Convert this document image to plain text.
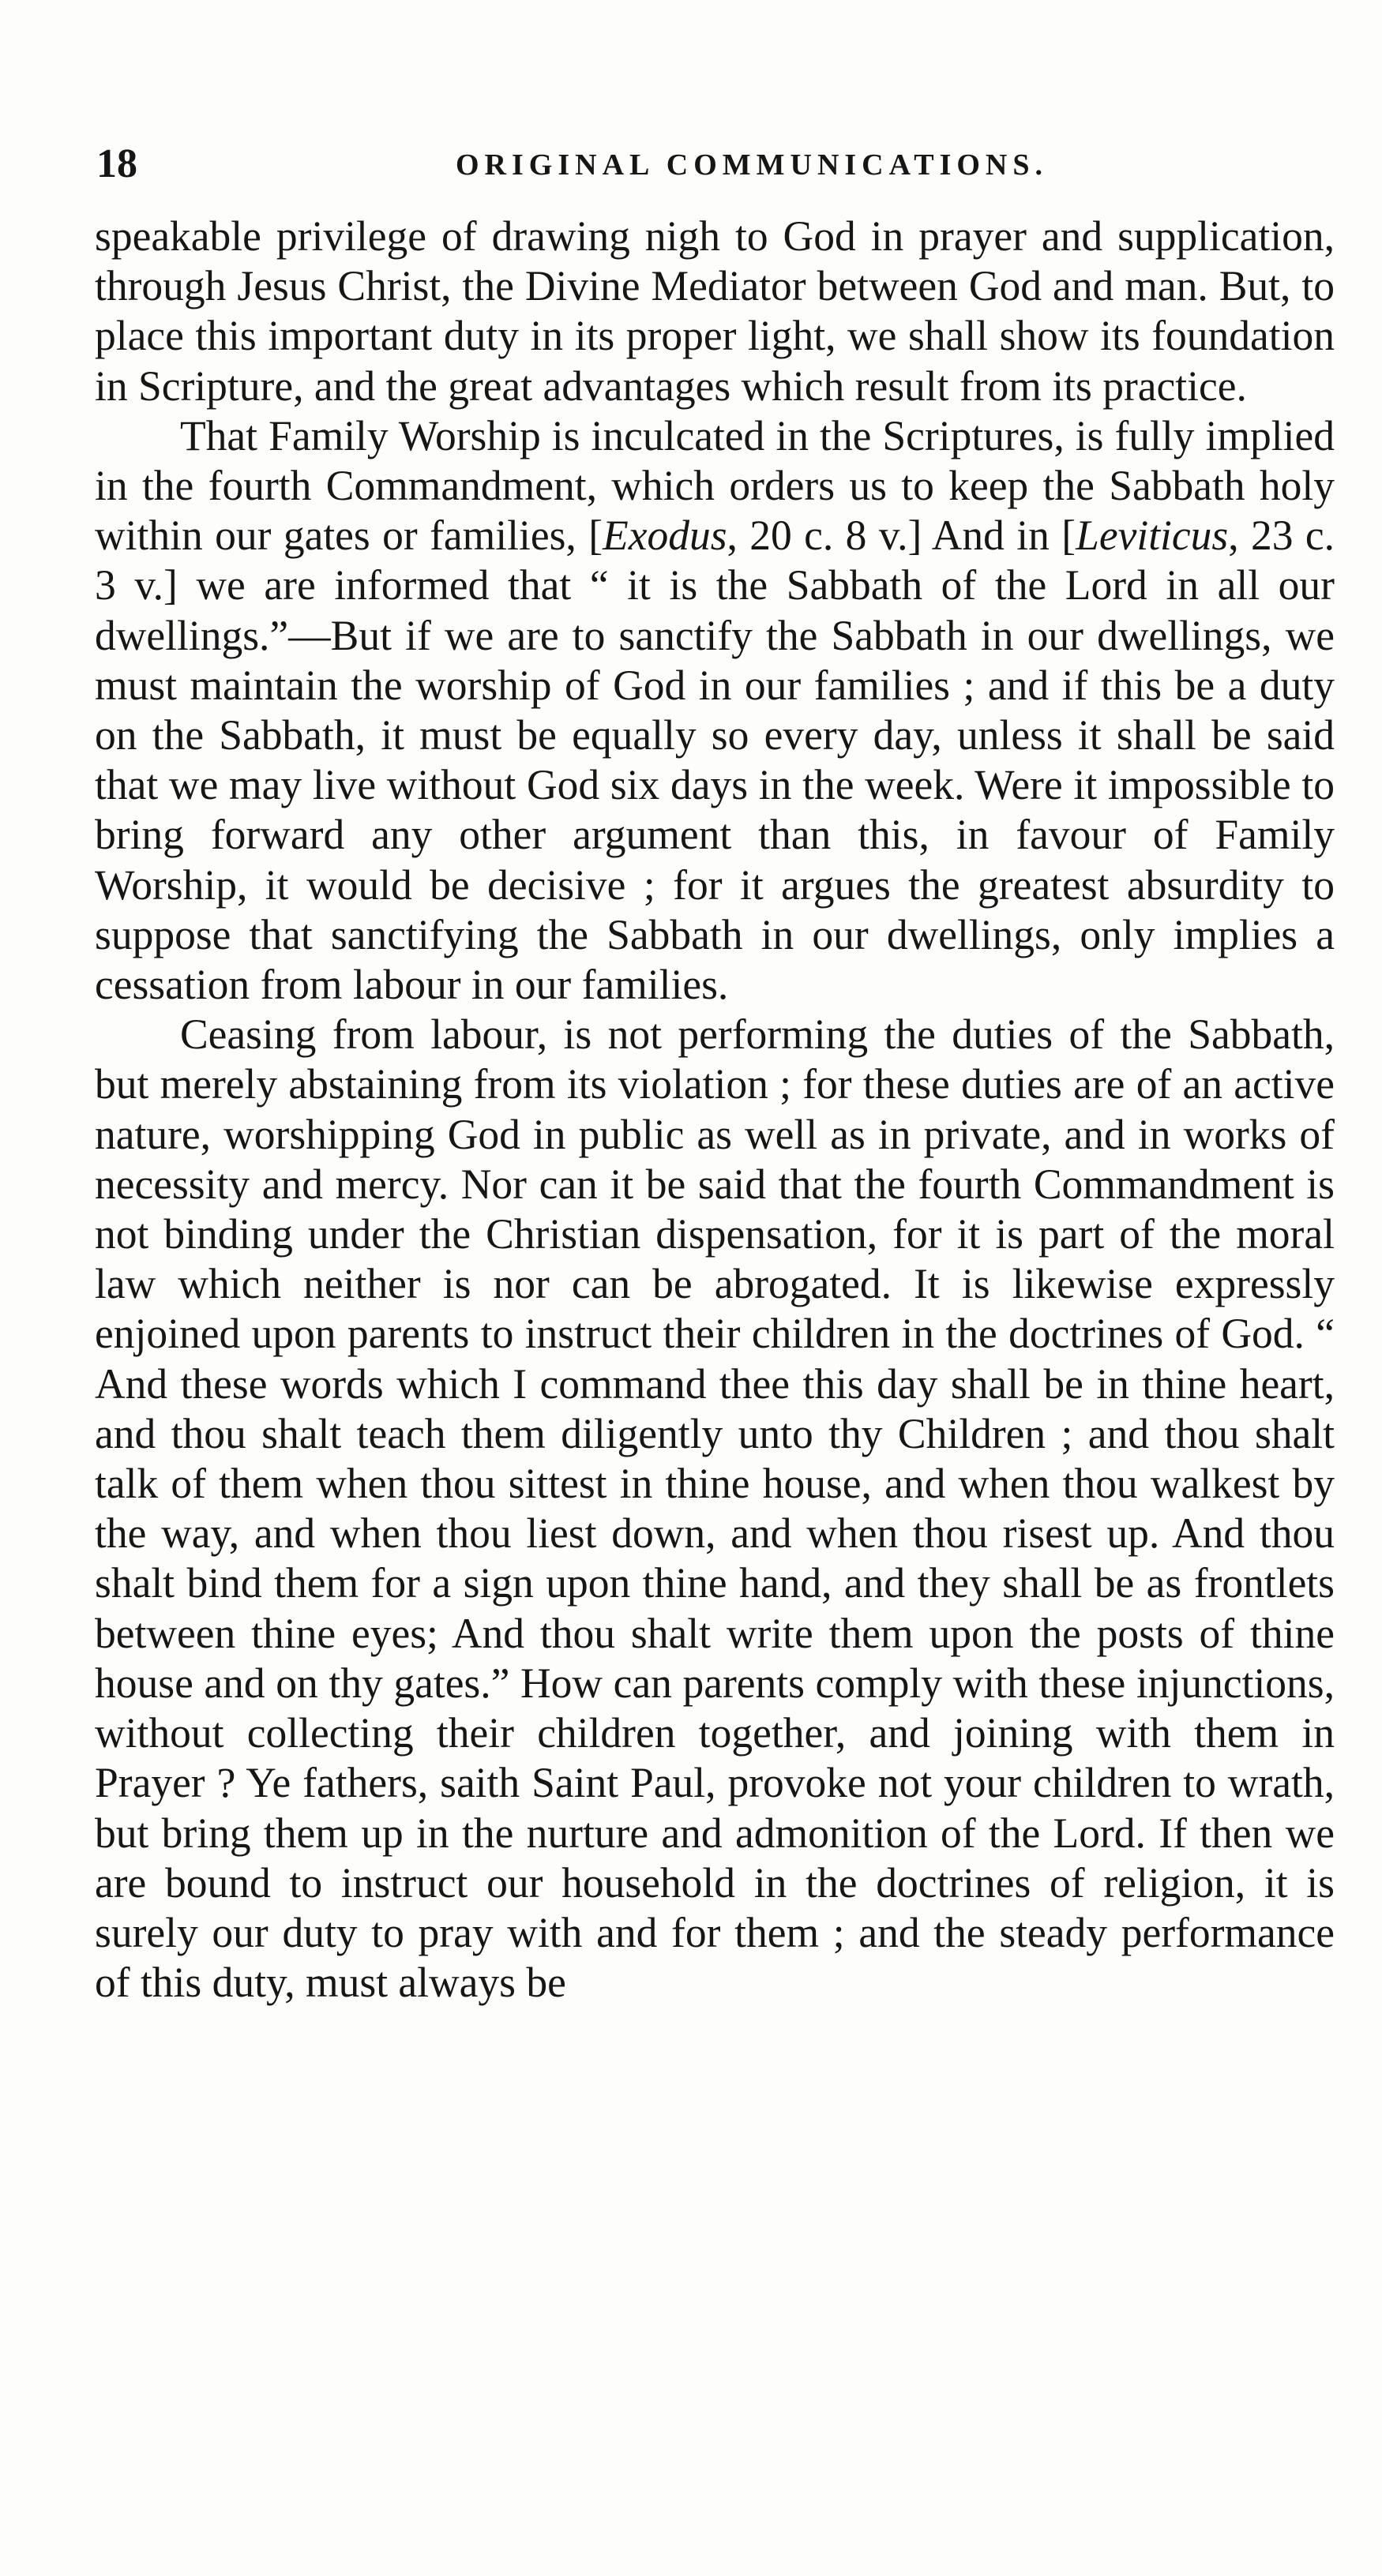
18	ORIGINAL COMMUNICATIONS.

speakable privilege of drawing nigh to God in prayer and supplication, through Jesus Christ, the Divine Mediator between God and man. But, to place this important duty in its proper light, we shall show its foundation in Scripture, and the great advantages which result from its practice.

That Family Worship is inculcated in the Scriptures, is fully implied in the fourth Commandment, which orders us to keep the Sabbath holy within our gates or families, [Exodus, 20 c. 8 v.] And in [Leviticus, 23 c. 3 v.] we are informed that “ it is the Sabbath of the Lord in all our dwellings.”—But if we are to sanctify the Sabbath in our dwellings, we must maintain the worship of God in our families ; and if this be a duty on the Sabbath, it must be equally so every day, unless it shall be said that we may live without God six days in the week. Were it impossible to bring forward any other argument than this, in favour of Family Worship, it would be decisive ; for it argues the greatest absurdity to suppose that sanctifying the Sabbath in our dwellings, only implies a cessation from labour in our families.

Ceasing from labour, is not performing the duties of the Sabbath, but merely abstaining from its violation ; for these duties are of an active nature, worshipping God in public as well as in private, and in works of necessity and mercy. Nor can it be said that the fourth Commandment is not binding under the Christian dispensation, for it is part of the moral law which neither is nor can be abrogated. It is likewise expressly enjoined upon parents to instruct their children in the doctrines of God. “ And these words which I command thee this day shall be in thine heart, and thou shalt teach them diligently unto thy Children ; and thou shalt talk of them when thou sittest in thine house, and when thou walkest by the way, and when thou liest down, and when thou risest up. And thou shalt bind them for a sign upon thine hand, and they shall be as frontlets between thine eyes; And thou shalt write them upon the posts of thine house and on thy gates.” How can parents comply with these injunctions, without collecting their children together, and joining with them in Prayer ? Ye fathers, saith Saint Paul, provoke not your children to wrath, but bring them up in the nurture and admonition of the Lord. If then we are bound to instruct our household in the doctrines of religion, it is surely our duty to pray with and for them ; and the steady performance of this duty, must always be
